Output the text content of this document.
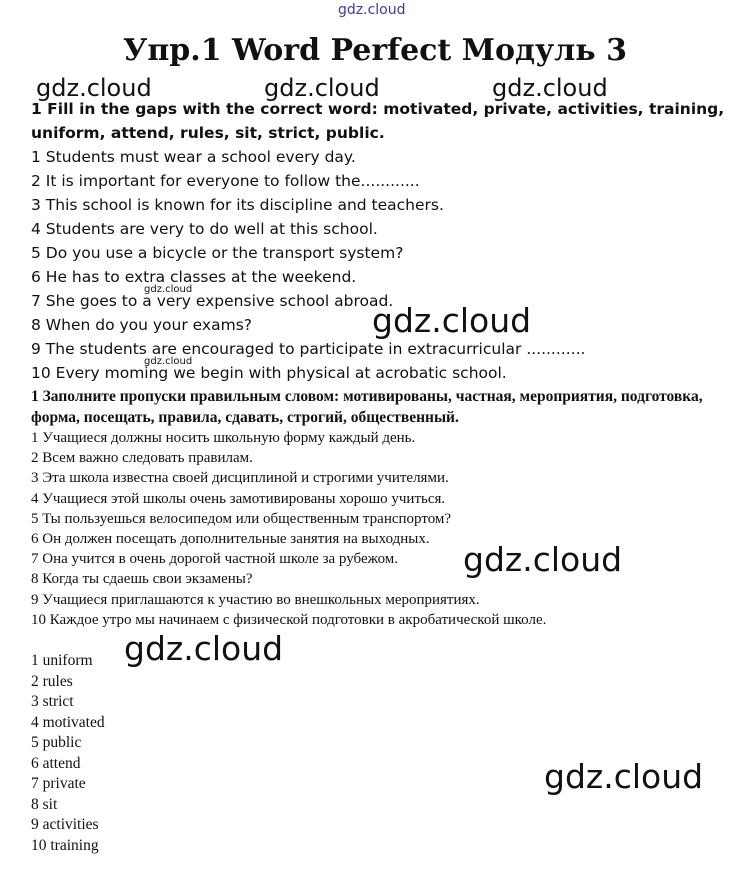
gdz.cloud
Упр.1 Word Perfect Модуль 3
gdz.cloud	gdz.cloud	gdz.cloud
1 Fill in the gaps with the correct word: motivated, private, activities, training, uniform, attend, rules, sit, strict, public.
1 Students must wear a school every day.
2 It is important for everyone to follow the............
3 This school is known for its discipline and teachers.
4 Students are very to do well at this school.
5 Do you use a bicycle or the transport system?
6 He has to extra classes at the weekend.
7 She goes to a very expensive school abroad.
8 When do you your exams?
9 The students are encouraged to participate in extracurricular ............
10 Every moming we begin with physical at acrobatic school.
gdz.cloud
gdz.cloud
gdz.cloud
1 Заполните пропуски правильным словом: мотивированы, частная, мероприятия, подготовка, форма, посещать, правила, сдавать, строгий, общественный.
1 Учащиеся должны носить школьную форму каждый день.
2 Всем важно следовать правилам.
3 Эта школа известна своей дисциплиной и строгими учителями.
4 Учащиеся этой школы очень замотивированы хорошо учиться.
5 Ты пользуешься велосипедом или общественным транспортом?
6 Он должен посещать дополнительные занятия на выходных.
7 Она учится в очень дорогой частной школе за рубежом.
8 Когда ты сдаешь свои экзамены?
9 Учащиеся приглашаются к участию во внешкольных мероприятиях.
10 Каждое утро мы начинаем с физической подготовки в акробатической школе.
gdz.cloud
gdz.cloud
1 uniform
2 rules
3 strict
4 motivated
5 public
6 attend
7 private
8 sit
9 activities
10 training
gdz.cloud
